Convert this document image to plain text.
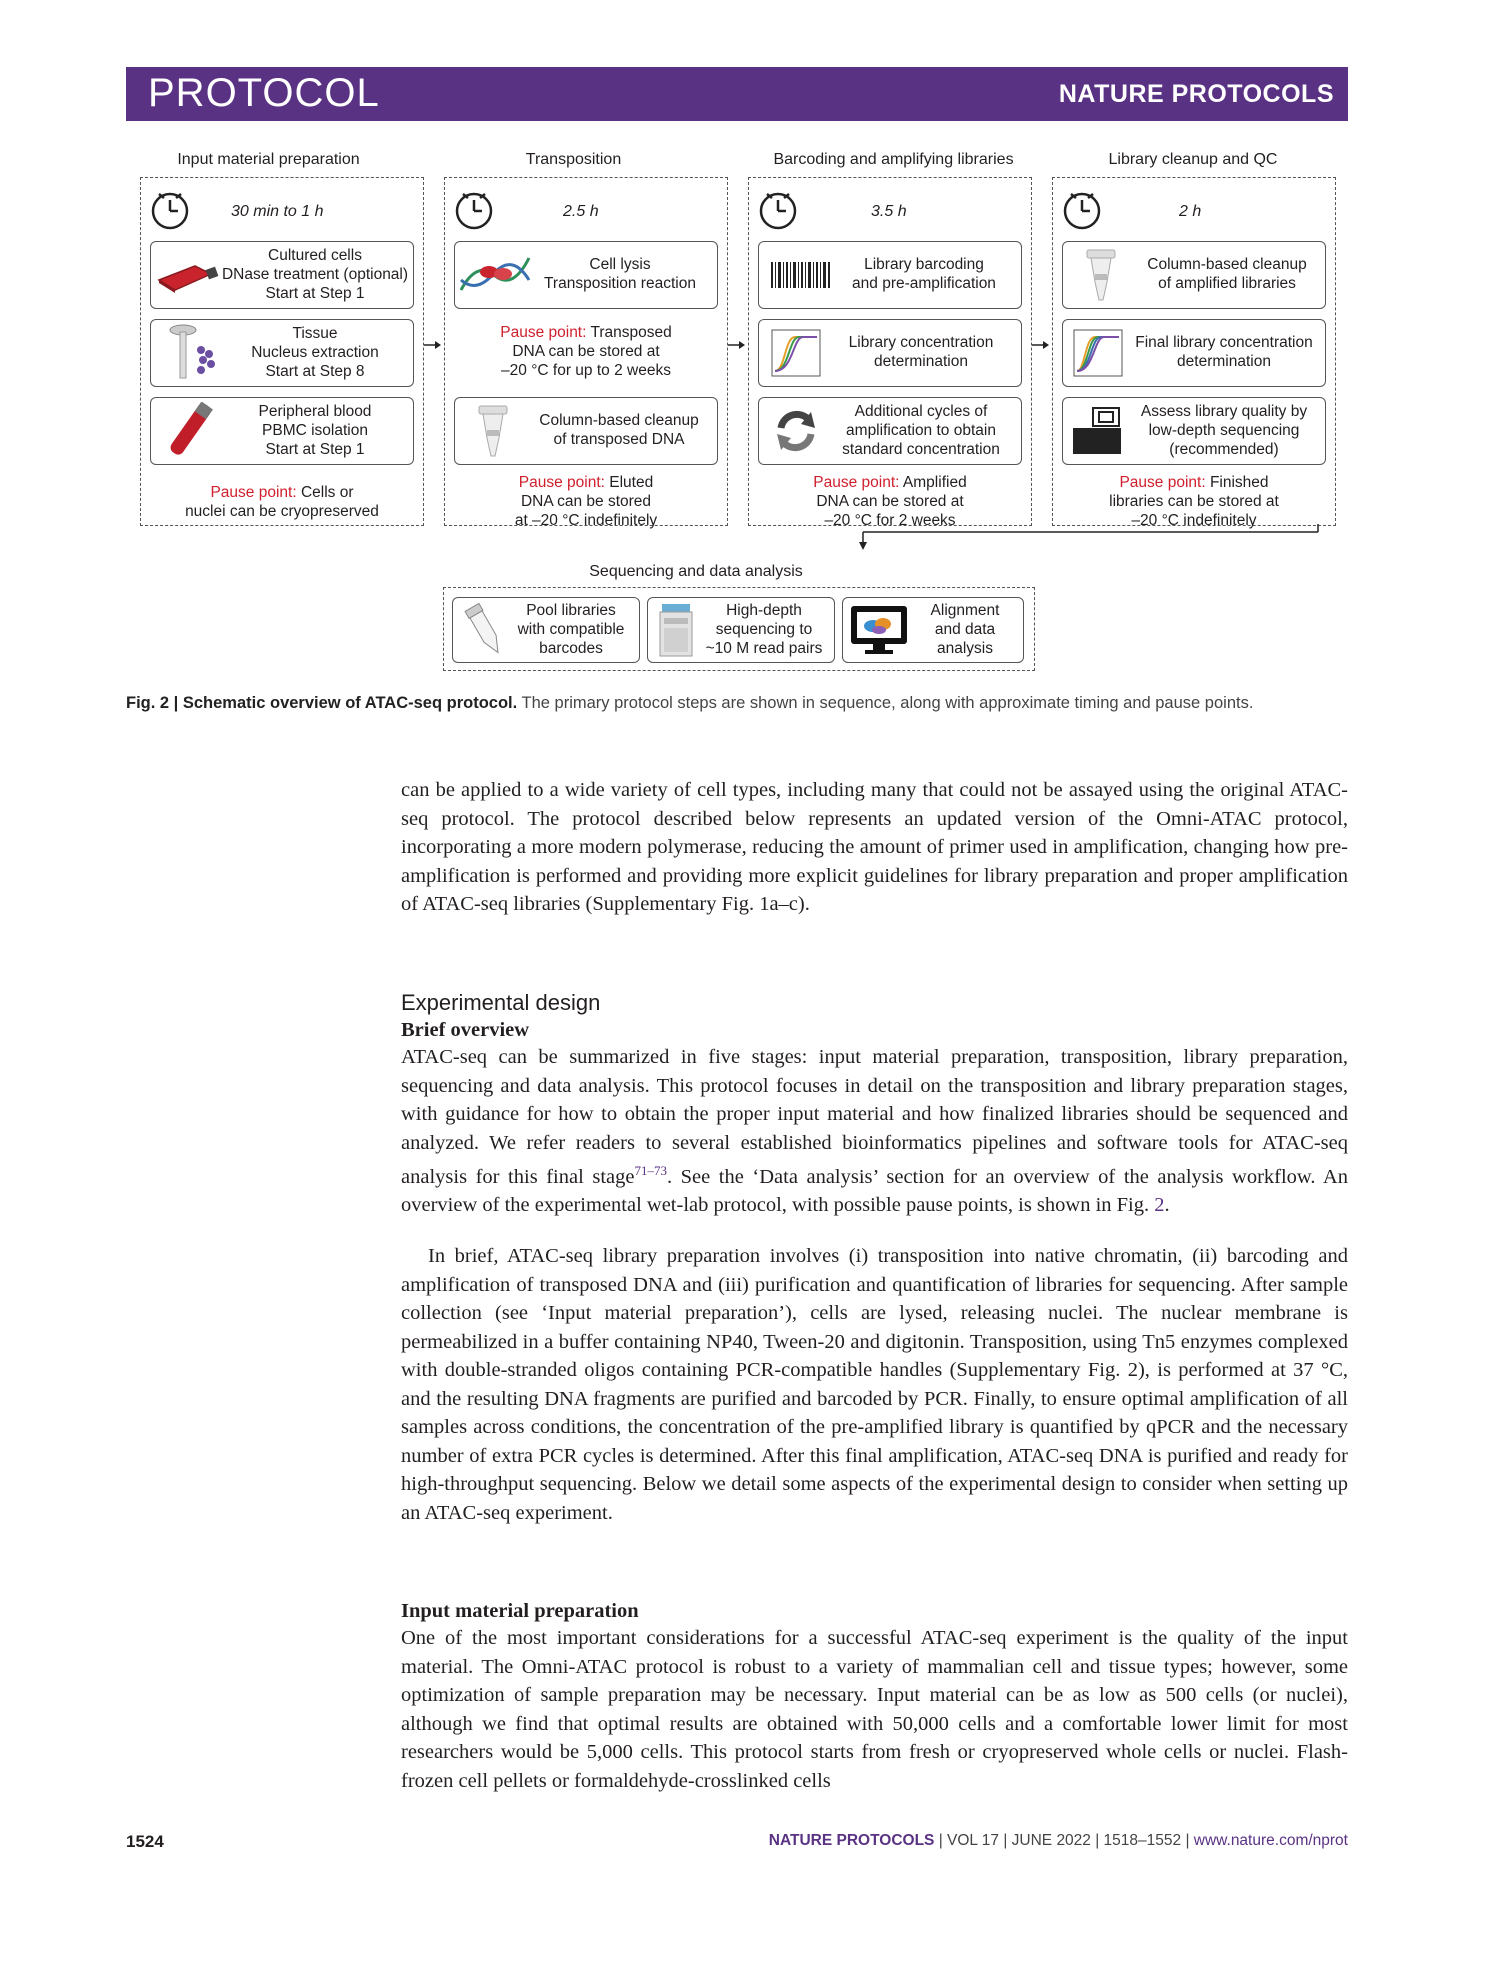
PROTOCOL	NATURE PROTOCOLS
Input material preparation	Transposition	Barcoding and amplifying libraries	Library cleanup and QC
30 min to 1 h
Cultured cells
DNase treatment (optional)
Start at Step 1
Tissue
Nucleus extraction
Start at Step 8
Peripheral blood
PBMC isolation
Start at Step 1
Pause point: Cells or
nuclei can be cryopreserved
2.5 h
Cell lysis
Transposition reaction
Pause point: Transposed
DNA can be stored at
–20 °C for up to 2 weeks
Column-based cleanup
of transposed DNA
Pause point: Eluted
DNA can be stored
at –20 °C indefinitely
3.5 h
Library barcoding
and pre-amplification
Library concentration
determination
Additional cycles of
amplification to obtain
standard concentration
Pause point: Amplified
DNA can be stored at
–20 °C for 2 weeks
2 h
Column-based cleanup
of amplified libraries
Final library concentration
determination
Assess library quality by
low-depth sequencing
(recommended)
Pause point: Finished
libraries can be stored at
–20 °C indefinitely
Sequencing and data analysis
Pool libraries
with compatible
barcodes
High-depth
sequencing to
~10 M read pairs
Alignment
and data
analysis
Fig. 2 | Schematic overview of ATAC-seq protocol. The primary protocol steps are shown in sequence, along with approximate timing and pause points.
can be applied to a wide variety of cell types, including many that could not be assayed using the original ATAC-seq protocol. The protocol described below represents an updated version of the Omni-ATAC protocol, incorporating a more modern polymerase, reducing the amount of primer used in amplification, changing how pre-amplification is performed and providing more explicit guidelines for library preparation and proper amplification of ATAC-seq libraries (Supplementary Fig. 1a–c).
Experimental design
Brief overview
ATAC-seq can be summarized in five stages: input material preparation, transposition, library preparation, sequencing and data analysis. This protocol focuses in detail on the transposition and library preparation stages, with guidance for how to obtain the proper input material and how finalized libraries should be sequenced and analyzed. We refer readers to several established bioinformatics pipelines and software tools for ATAC-seq analysis for this final stage$^{71-73}$. See the ‘Data analysis’ section for an overview of the analysis workflow. An overview of the experimental wet-lab protocol, with possible pause points, is shown in Fig. 2.
In brief, ATAC-seq library preparation involves (i) transposition into native chromatin, (ii) barcoding and amplification of transposed DNA and (iii) purification and quantification of libraries for sequencing. After sample collection (see ‘Input material preparation’), cells are lysed, releasing nuclei. The nuclear membrane is permeabilized in a buffer containing NP40, Tween-20 and digitonin. Transposition, using Tn5 enzymes complexed with double-stranded oligos containing PCR-compatible handles (Supplementary Fig. 2), is performed at 37 °C, and the resulting DNA fragments are purified and barcoded by PCR. Finally, to ensure optimal amplification of all samples across conditions, the concentration of the pre-amplified library is quantified by qPCR and the necessary number of extra PCR cycles is determined. After this final amplification, ATAC-seq DNA is purified and ready for high-throughput sequencing. Below we detail some aspects of the experimental design to consider when setting up an ATAC-seq experiment.
Input material preparation
One of the most important considerations for a successful ATAC-seq experiment is the quality of the input material. The Omni-ATAC protocol is robust to a variety of mammalian cell and tissue types; however, some optimization of sample preparation may be necessary. Input material can be as low as 500 cells (or nuclei), although we find that optimal results are obtained with 50,000 cells and a comfortable lower limit for most researchers would be 5,000 cells. This protocol starts from fresh or cryopreserved whole cells or nuclei. Flash-frozen cell pellets or formaldehyde-crosslinked cells
1524	NATURE PROTOCOLS | VOL 17 | JUNE 2022 | 1518–1552 | www.nature.com/nprot
